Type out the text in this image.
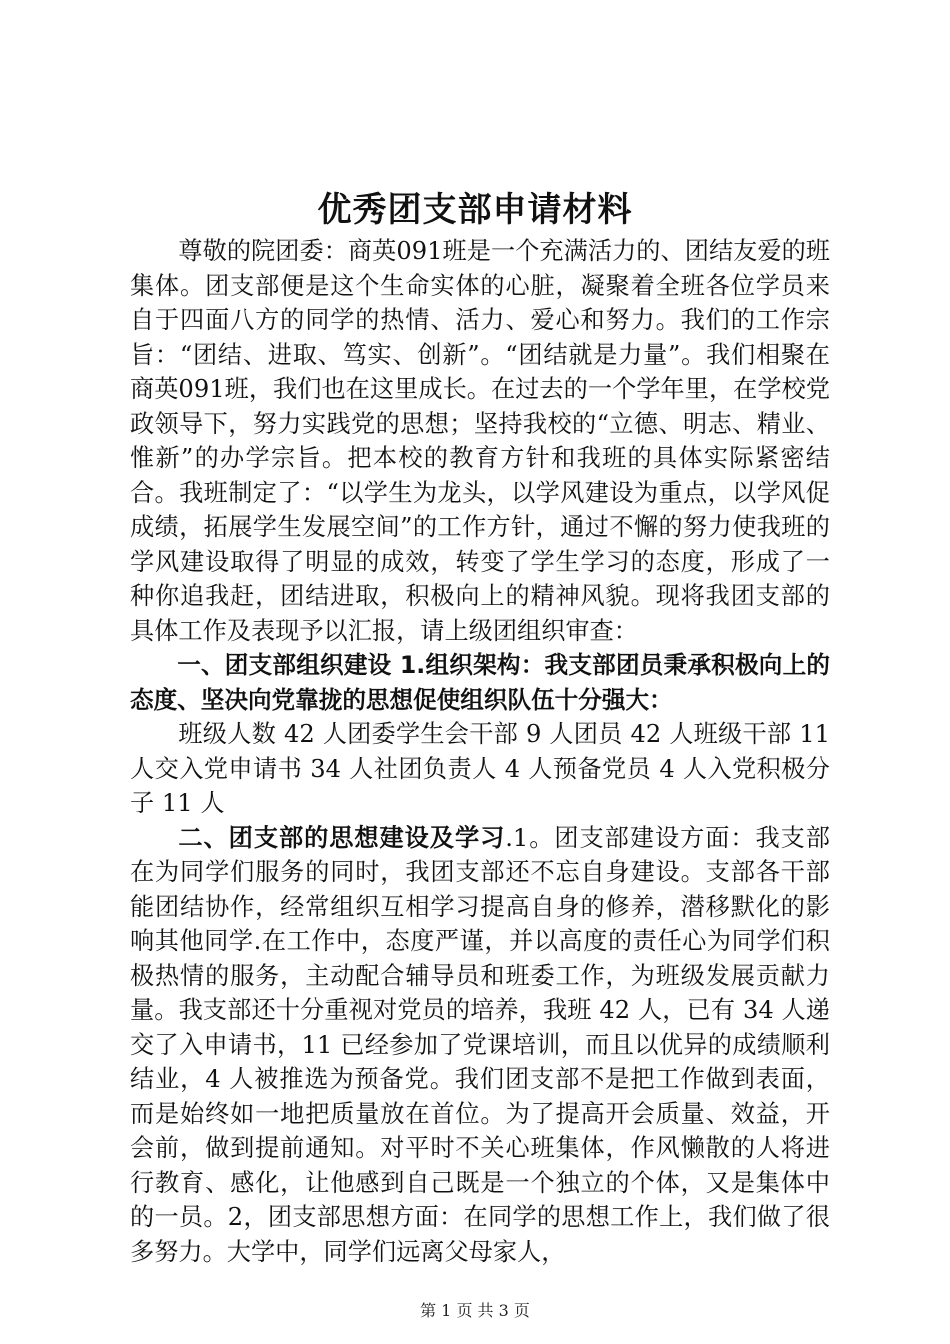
优秀团支部申请材料

尊敬的院团委：商英091班是一个充满活力的、团结友爱的班集体。团支部便是这个生命实体的心脏，凝聚着全班各位学员来自于四面八方的同学的热情、活力、爱心和努力。我们的工作宗旨：“团结、进取、笃实、创新”。“团结就是力量”。我们相聚在商英091班，我们也在这里成长。在过去的一个学年里，在学校党政领导下，努力实践党的思想；坚持我校的“立德、明志、精业、惟新”的办学宗旨。把本校的教育方针和我班的具体实际紧密结合。我班制定了：“以学生为龙头，以学风建设为重点，以学风促成绩，拓展学生发展空间”的工作方针，通过不懈的努力使我班的学风建设取得了明显的成效，转变了学生学习的态度，形成了一种你追我赶，团结进取，积极向上的精神风貌。现将我团支部的具体工作及表现予以汇报，请上级团组织审查：

一、团支部组织建设 1.组织架构：我支部团员秉承积极向上的态度、坚决向党靠拢的思想促使组织队伍十分强大：

班级人数 42 人团委学生会干部 9 人团员 42 人班级干部 11 人交入党申请书 34 人社团负责人 4 人预备党员 4 人入党积极分子 11 人

二、团支部的思想建设及学习.1。团支部建设方面：我支部在为同学们服务的同时，我团支部还不忘自身建设。支部各干部能团结协作，经常组织互相学习提高自身的修养，潜移默化的影响其他同学.在工作中，态度严谨，并以高度的责任心为同学们积极热情的服务，主动配合辅导员和班委工作，为班级发展贡献力量。我支部还十分重视对党员的培养，我班 42 人，已有 34 人递交了入申请书，11 已经参加了党课培训，而且以优异的成绩顺利结业，4 人被推选为预备党。我们团支部不是把工作做到表面，而是始终如一地把质量放在首位。为了提高开会质量、效益，开会前，做到提前通知。对平时不关心班集体，作风懒散的人将进行教育、感化，让他感到自己既是一个独立的个体，又是集体中的一员。2，团支部思想方面：在同学的思想工作上，我们做了很多努力。大学中，同学们远离父母家人，

第 1 页 共 3 页
